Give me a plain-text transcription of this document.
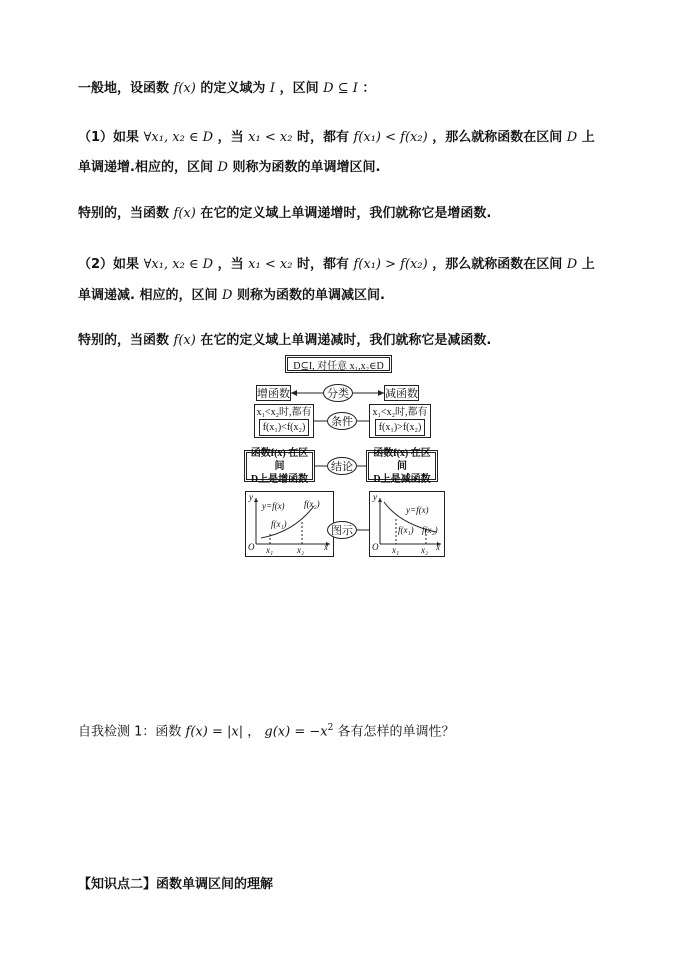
一般地，设函数 f(x) 的定义域为 I ，区间 D ⊆ I ：
（1）如果 ∀x₁, x₂ ∈ D ，当 x₁ < x₂ 时，都有 f(x₁) < f(x₂) ，那么就称函数在区间 D 上
单调递增.相应的，区间 D 则称为函数的单调增区间.
特别的，当函数 f(x) 在它的定义域上单调递增时，我们就称它是增函数.
（2）如果 ∀x₁, x₂ ∈ D ，当 x₁ < x₂ 时，都有 f(x₁) > f(x₂) ，那么就称函数在区间 D 上
单调递减. 相应的，区间 D 则称为函数的单调减区间.
特别的，当函数 f(x) 在它的定义域上单调递减时，我们就称它是减函数.
D⊆I, 对任意 x₁,x₂∈D
增函数	分类	减函数
x₁<x₂时,都有
f(x₁)<f(x₂)	条件
x₁<x₂时,都有
f(x₁)>f(x₂)
函数f(x) 在区间
D上是增函数
结论
函数f(x) 在区间
D上是减函数
y
O	x
x₁	x₂
y=f(x)
f(x₁)
f(x₂)
图示
y
O	x
x₁ x₂
y=f(x)
f(x₁) f(x₂)
自我检测 1：函数 f(x) = |x| ， $g(x) = -x^2$ 各有怎样的单调性？
【知识点二】函数单调区间的理解
